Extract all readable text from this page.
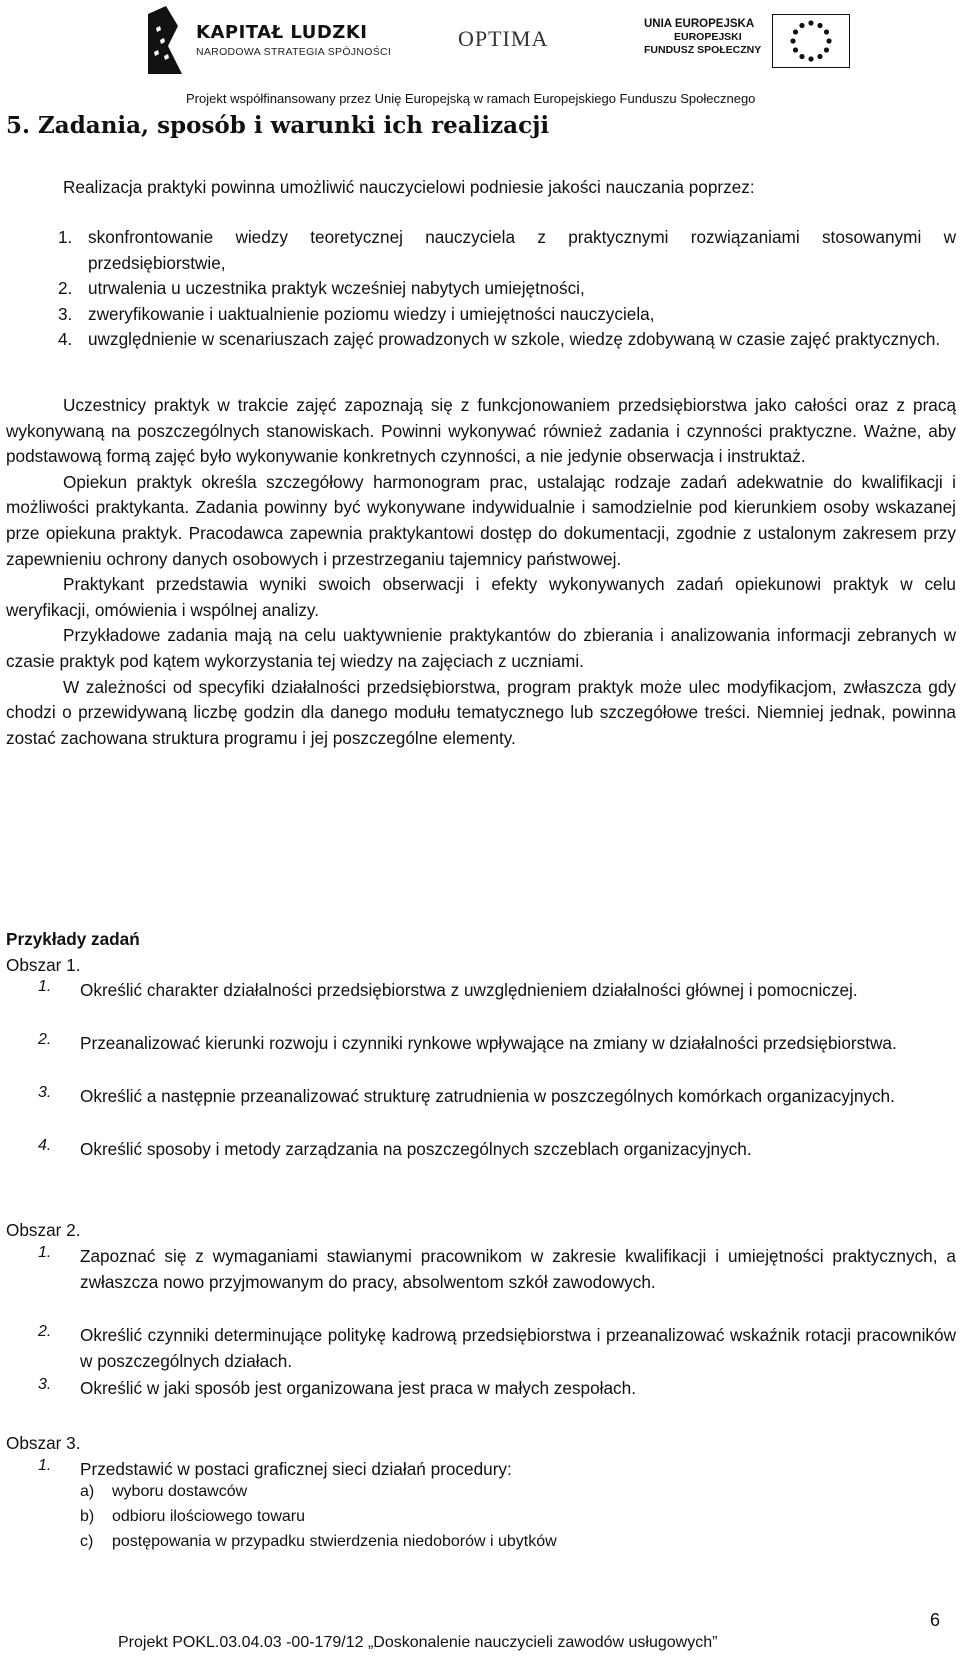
KAPITAŁ LUDZKI
NARODOWA STRATEGIA SPÓJNOŚCI
OPTIMA
UNIA EUROPEJSKA
EUROPEJSKI
FUNDUSZ SPOŁECZNY
Projekt współfinansowany przez Unię Europejską w ramach Europejskiego Funduszu Społecznego
5. Zadania, sposób i warunki ich realizacji

Realizacja praktyki powinna umożliwić nauczycielowi podniesie jakości nauczania poprzez:

1. skonfrontowanie wiedzy teoretycznej nauczyciela z praktycznymi rozwiązaniami stosowanymi w przedsiębiorstwie,
2. utrwalenia u uczestnika praktyk wcześniej nabytych umiejętności,
3. zweryfikowanie i uaktualnienie poziomu wiedzy i umiejętności nauczyciela,
4. uwzględnienie w scenariuszach zajęć prowadzonych w szkole, wiedzę zdobywaną w czasie zajęć praktycznych.

Uczestnicy praktyk w trakcie zajęć zapoznają się z funkcjonowaniem przedsiębiorstwa jako całości oraz z pracą wykonywaną na poszczególnych stanowiskach. Powinni wykonywać również zadania i czynności praktyczne. Ważne, aby podstawową formą zajęć było wykonywanie konkretnych czynności, a nie jedynie obserwacja i instruktaż.

Opiekun praktyk określa szczegółowy harmonogram prac, ustalając rodzaje zadań adekwatnie do kwalifikacji i możliwości praktykanta. Zadania powinny być wykonywane indywidualnie i samodzielnie pod kierunkiem osoby wskazanej prze opiekuna praktyk. Pracodawca zapewnia praktykantowi dostęp do dokumentacji, zgodnie z ustalonym zakresem przy zapewnieniu ochrony danych osobowych i przestrzeganiu tajemnicy państwowej.

Praktykant przedstawia wyniki swoich obserwacji i efekty wykonywanych zadań opiekunowi praktyk w celu weryfikacji, omówienia i wspólnej analizy.

Przykładowe zadania mają na celu uaktywnienie praktykantów do zbierania i analizowania informacji zebranych w czasie praktyk pod kątem wykorzystania tej wiedzy na zajęciach z uczniami.

W zależności od specyfiki działalności przedsiębiorstwa, program praktyk może ulec modyfikacjom, zwłaszcza gdy chodzi o przewidywaną liczbę godzin dla danego modułu tematycznego lub szczegółowe treści. Niemniej jednak, powinna zostać zachowana struktura programu i jej poszczególne elementy.

Przykłady zadań
Obszar 1.
1. Określić charakter działalności przedsiębiorstwa z uwzględnieniem działalności głównej i pomocniczej.
2. Przeanalizować kierunki rozwoju i czynniki rynkowe wpływające na zmiany w działalności przedsiębiorstwa.
3. Określić a następnie przeanalizować strukturę zatrudnienia w poszczególnych komórkach organizacyjnych.
4. Określić sposoby i metody zarządzania na poszczególnych szczeblach organizacyjnych.
Obszar 2.
1. Zapoznać się z wymaganiami stawianymi pracownikom w zakresie kwalifikacji i umiejętności praktycznych, a zwłaszcza nowo przyjmowanym do pracy, absolwentom szkół zawodowych.
2. Określić czynniki determinujące politykę kadrową przedsiębiorstwa i przeanalizować wskaźnik rotacji pracowników w poszczególnych działach.
3. Określić w jaki sposób jest organizowana jest praca w małych zespołach.
Obszar 3.
1. Przedstawić w postaci graficznej sieci działań procedury:
a) wyboru dostawców
b) odbioru ilościowego towaru
c) postępowania w przypadku stwierdzenia niedoborów i ubytków
6
Projekt POKL.03.04.03 -00-179/12 „Doskonalenie nauczycieli zawodów usługowych”
